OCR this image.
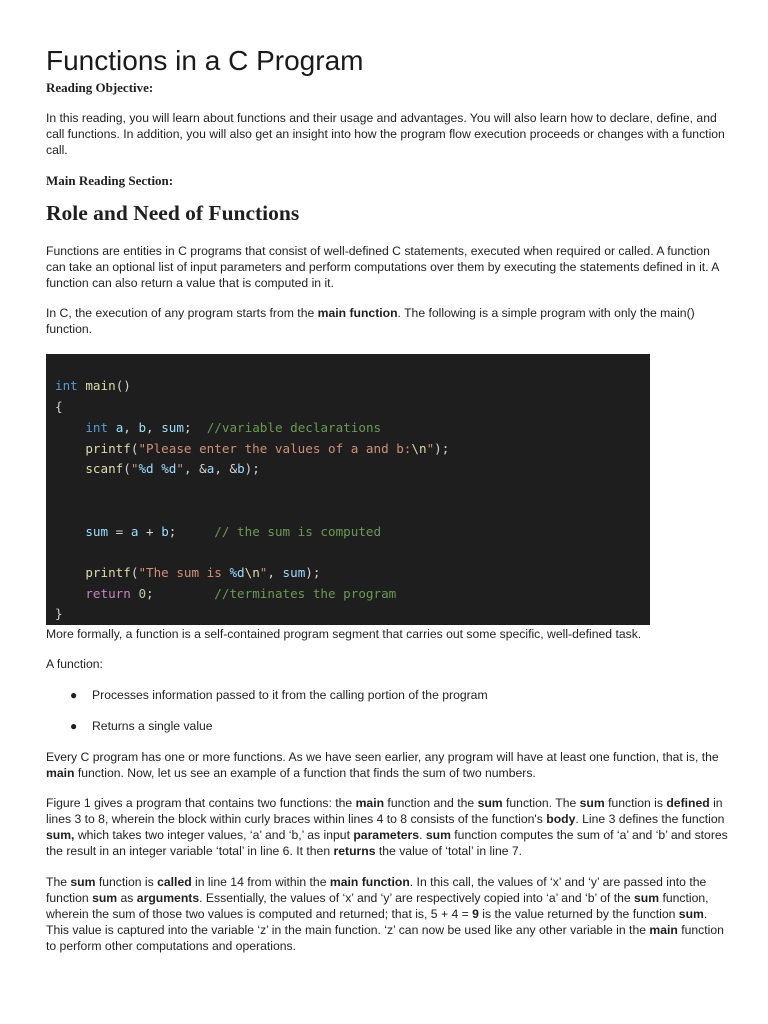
Functions in a C Program
Reading Objective:

In this reading, you will learn about functions and their usage and advantages. You will also learn how to declare, define, and call functions. In addition, you will also get an insight into how the program flow execution proceeds or changes with a function call.

Main Reading Section:
Role and Need of Functions

Functions are entities in C programs that consist of well-defined C statements, executed when required or called. A function can take an optional list of input parameters and perform computations over them by executing the statements defined in it. A function can also return a value that is computed in it.

In C, the execution of any program starts from the main function. The following is a simple program with only the main() function.

int main()
{
int a, b, sum;  //variable declarations
printf("Please enter the values of a and b:\n");
scanf("%d %d", &a, &b);
sum = a + b;     // the sum is computed
printf("The sum is %d\n", sum);
return 0;        //terminates the program
}

More formally, a function is a self-contained program segment that carries out some specific, well-defined task.

A function:

● Processes information passed to it from the calling portion of the program
● Returns a single value

Every C program has one or more functions. As we have seen earlier, any program will have at least one function, that is, the main function. Now, let us see an example of a function that finds the sum of two numbers.

Figure 1 gives a program that contains two functions: the main function and the sum function. The sum function is defined in lines 3 to 8, wherein the block within curly braces within lines 4 to 8 consists of the function's body. Line 3 defines the function sum, which takes two integer values, ‘a’ and ‘b,’ as input parameters. sum function computes the sum of ‘a’ and ‘b’ and stores the result in an integer variable ‘total’ in line 6. It then returns the value of ‘total’ in line 7.

The sum function is called in line 14 from within the main function. In this call, the values of ‘x’ and ‘y’ are passed into the function sum as arguments. Essentially, the values of ‘x’ and ‘y’ are respectively copied into ‘a’ and ‘b’ of the sum function, wherein the sum of those two values is computed and returned; that is, 5 + 4 = 9 is the value returned by the function sum. This value is captured into the variable ‘z’ in the main function. ‘z’ can now be used like any other variable in the main function to perform other computations and operations.
